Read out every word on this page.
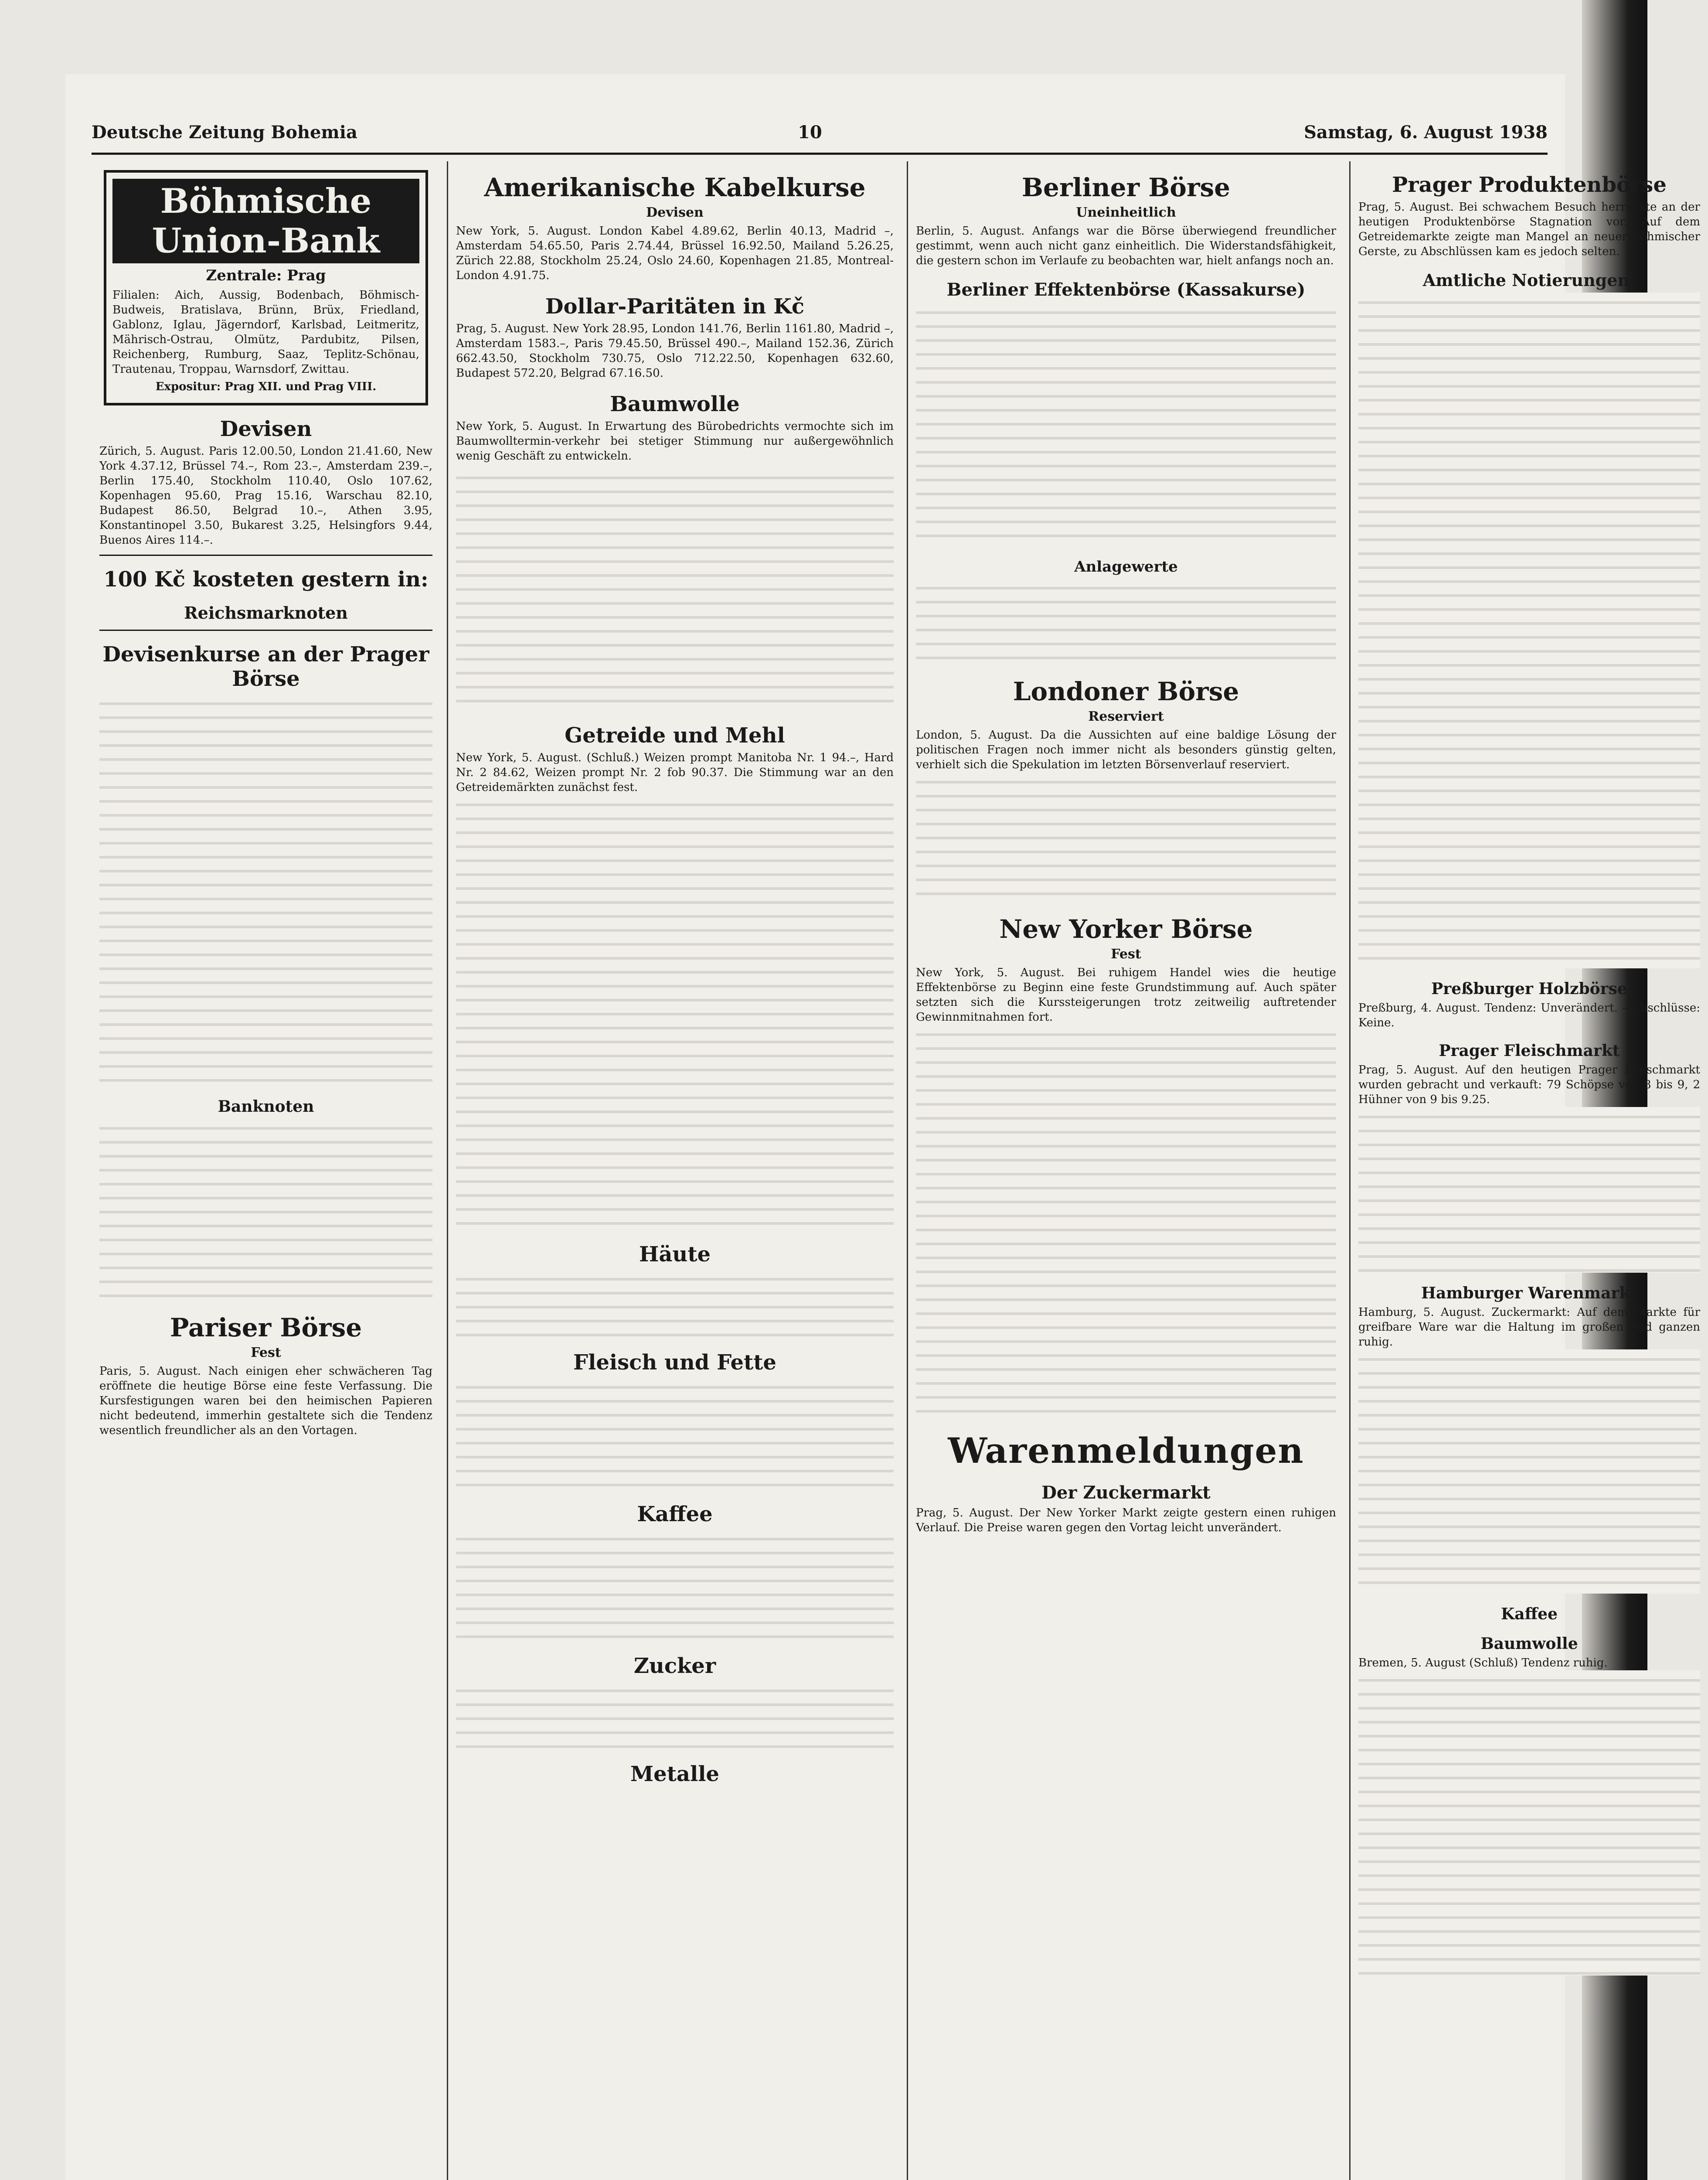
Deutsche Zeitung Bohemia	10	Samstag, 6. August 1938
Böhmische Union-Bank
Zentrale: Prag
Filialen: Aich, Aussig, Bodenbach, Böhmisch-Budweis, Bratislava, Brünn, Brüx, Friedland, Gablonz, Iglau, Jägerndorf, Karlsbad, Leitmeritz, Mährisch-Ostrau, Olmütz, Pardubitz, Pilsen, Reichenberg, Rumburg, Saaz, Teplitz-Schönau, Trautenau, Troppau, Warnsdorf, Zwittau.
Expositur: Prag XII. und Prag VIII.
Devisen
Zürich, 5. August. Paris 12.00.50, London 21.41.60, New York 4.37.12, Brüssel 74.–, Rom 23.–, Amsterdam 239.–, Berlin 175.40, Stockholm 110.40, Oslo 107.62, Kopenhagen 95.60, Prag 15.16, Warschau 82.10, Budapest 86.50, Belgrad 10.–, Athen 3.95, Konstantinopel 3.50, Bukarest 3.25, Helsingfors 9.44, Buenos Aires 114.–.
100 Kč kosteten gestern in:
Reichsmarknoten
Devisenkurse an der Prager Börse
Banknoten
Pariser Börse
Fest
Paris, 5. August. Nach einigen eher schwächeren Tag eröffnete die heutige Börse eine feste Verfassung. Die Kursfestigungen waren bei den heimischen Papieren nicht bedeutend, immerhin gestaltete sich die Tendenz wesentlich freundlicher als an den Vortagen.
Amerikanische Kabelkurse
Devisen
New York, 5. August. London Kabel 4.89.62, Berlin 40.13, Madrid –, Amsterdam 54.65.50, Paris 2.74.44, Brüssel 16.92.50, Mailand 5.26.25, Zürich 22.88, Stockholm 25.24, Oslo 24.60, Kopenhagen 21.85, Montreal-London 4.91.75.
Dollar-Paritäten in Kč
Prag, 5. August. New York 28.95, London 141.76, Berlin 1161.80, Madrid –, Amsterdam 1583.–, Paris 79.45.50, Brüssel 490.–, Mailand 152.36, Zürich 662.43.50, Stockholm 730.75, Oslo 712.22.50, Kopenhagen 632.60, Budapest 572.20, Belgrad 67.16.50.
Baumwolle
New York, 5. August. In Erwartung des Bürobedrichts vermochte sich im Baumwolltermin-verkehr bei stetiger Stimmung nur außergewöhnlich wenig Geschäft zu entwickeln.
Getreide und Mehl
New York, 5. August. (Schluß.) Weizen prompt Manitoba Nr. 1 94.–, Hard Nr. 2 84.62, Weizen prompt Nr. 2 fob 90.37. Die Stimmung war an den Getreidemärkten zunächst fest.
Häute
Fleisch und Fette
Kaffee
Zucker
Metalle
Berliner Börse
Uneinheitlich
Berlin, 5. August. Anfangs war die Börse überwiegend freundlicher gestimmt, wenn auch nicht ganz einheitlich. Die Widerstandsfähigkeit, die gestern schon im Verlaufe zu beobachten war, hielt anfangs noch an.
Berliner Effektenbörse (Kassakurse)
Anlagewerte
Londoner Börse
Reserviert
London, 5. August. Da die Aussichten auf eine baldige Lösung der politischen Fragen noch immer nicht als besonders günstig gelten, verhielt sich die Spekulation im letzten Börsenverlauf reserviert.
New Yorker Börse
Fest
New York, 5. August. Bei ruhigem Handel wies die heutige Effektenbörse zu Beginn eine feste Grundstimmung auf. Auch später setzten sich die Kurssteigerungen trotz zeitweilig auftretender Gewinnmitnahmen fort.
Warenmeldungen
Der Zuckermarkt
Prag, 5. August. Der New Yorker Markt zeigte gestern einen ruhigen Verlauf. Die Preise waren gegen den Vortag leicht unverändert.
Prager Produktenbörse
Prag, 5. August. Bei schwachem Besuch herrschte an der heutigen Produktenbörse Stagnation vor. Auf dem Getreidemarkte zeigte man Mangel an neuer böhmischer Gerste, zu Abschlüssen kam es jedoch selten.
Amtliche Notierungen:
Preßburger Holzbörse
Preßburg, 4. August. Tendenz: Unverändert. – Abschlüsse: Keine.
Prager Fleischmarkt
Prag, 5. August. Auf den heutigen Prager Fleischmarkt wurden gebracht und verkauft: 79 Schöpse von 8 bis 9, 2 Hühner von 9 bis 9.25.
Hamburger Warenmarkt
Hamburg, 5. August. Zuckermarkt: Auf dem Markte für greifbare Ware war die Haltung im großen und ganzen ruhig.
Kaffee
Baumwolle
Bremen, 5. August (Schluß) Tendenz ruhig.
